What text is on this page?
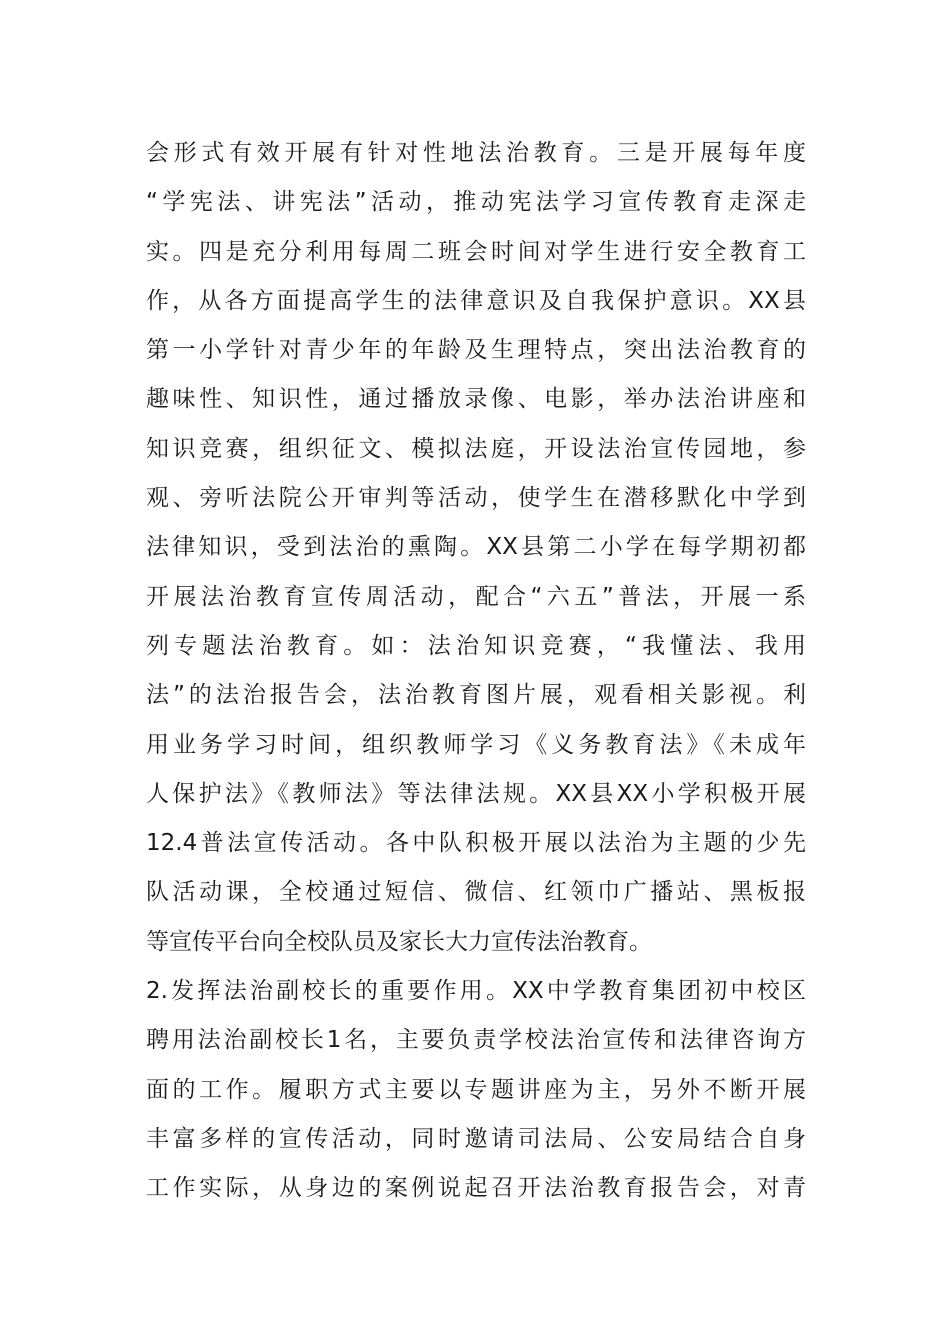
会形式有效开展有针对性地法治教育。三是开展每年度
“学宪法、讲宪法”活动，推动宪法学习宣传教育走深走
实。四是充分利用每周二班会时间对学生进行安全教育工
作，从各方面提高学生的法律意识及自我保护意识。XX县
第一小学针对青少年的年龄及生理特点，突出法治教育的
趣味性、知识性，通过播放录像、电影，举办法治讲座和
知识竞赛，组织征文、模拟法庭，开设法治宣传园地，参
观、旁听法院公开审判等活动，使学生在潜移默化中学到
法律知识，受到法治的熏陶。XX县第二小学在每学期初都
开展法治教育宣传周活动，配合“六五”普法，开展一系
列专题法治教育。如：法治知识竞赛，“我懂法、我用
法”的法治报告会，法治教育图片展，观看相关影视。利
用业务学习时间，组织教师学习《义务教育法》《未成年
人保护法》《教师法》等法律法规。XX县XX小学积极开展
12.4普法宣传活动。各中队积极开展以法治为主题的少先
队活动课，全校通过短信、微信、红领巾广播站、黑板报
等宣传平台向全校队员及家长大力宣传法治教育。
2.发挥法治副校长的重要作用。XX中学教育集团初中校区
聘用法治副校长1名，主要负责学校法治宣传和法律咨询方
面的工作。履职方式主要以专题讲座为主，另外不断开展
丰富多样的宣传活动，同时邀请司法局、公安局结合自身
工作实际，从身边的案例说起召开法治教育报告会，对青
